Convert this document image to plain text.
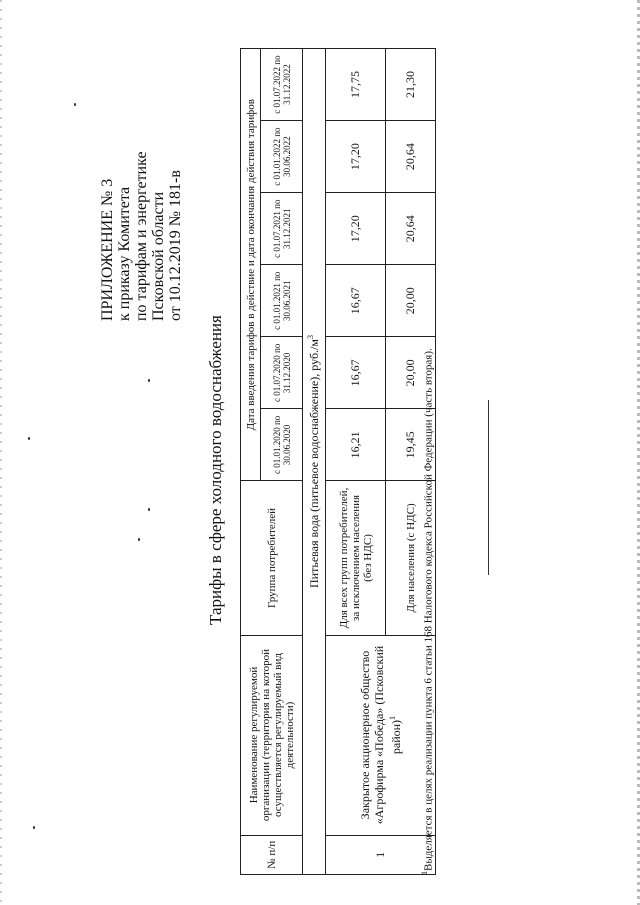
ПРИЛОЖЕНИЕ № 3 к приказу Комитета по тарифам и энергетике Псковской области от 10.12.2019 № 181-в
Тарифы в сфере холодного водоснабжения
№ п/п	Наименование регулируемой организации (территория на которой осуществляется регулируемый вид деятельности)	Группа потребителей	Дата введения тарифов в действие и дата окончания действия тарифов					
			с 01.01.2020 по 30.06.2020	с 01.07.2020 по 31.12.2020	с 01.01.2021 по 30.06.2021	с 01.07.2021 по 31.12.2021	с 01.01.2022 по 30.06.2022	с 01.07.2022 по 31.12.2022
Питьевая вода (питьевое водоснабжение), $руб./м^3$
1	Закрытое акционерное общество «Агрофирма «Победа» (Псковский район)$^1$	Для всех групп потребителей, за исключением населения (без НДС)	16,21	16,67	16,67	17,20	17,20	17,75
		Для населения (с НДС)	19,45	20,00	20,00	20,64	20,64	21,30
$^1$Выделяется в целях реализации пункта 6 статьи 168 Налогового кодекса Российской Федерации (часть вторая).
